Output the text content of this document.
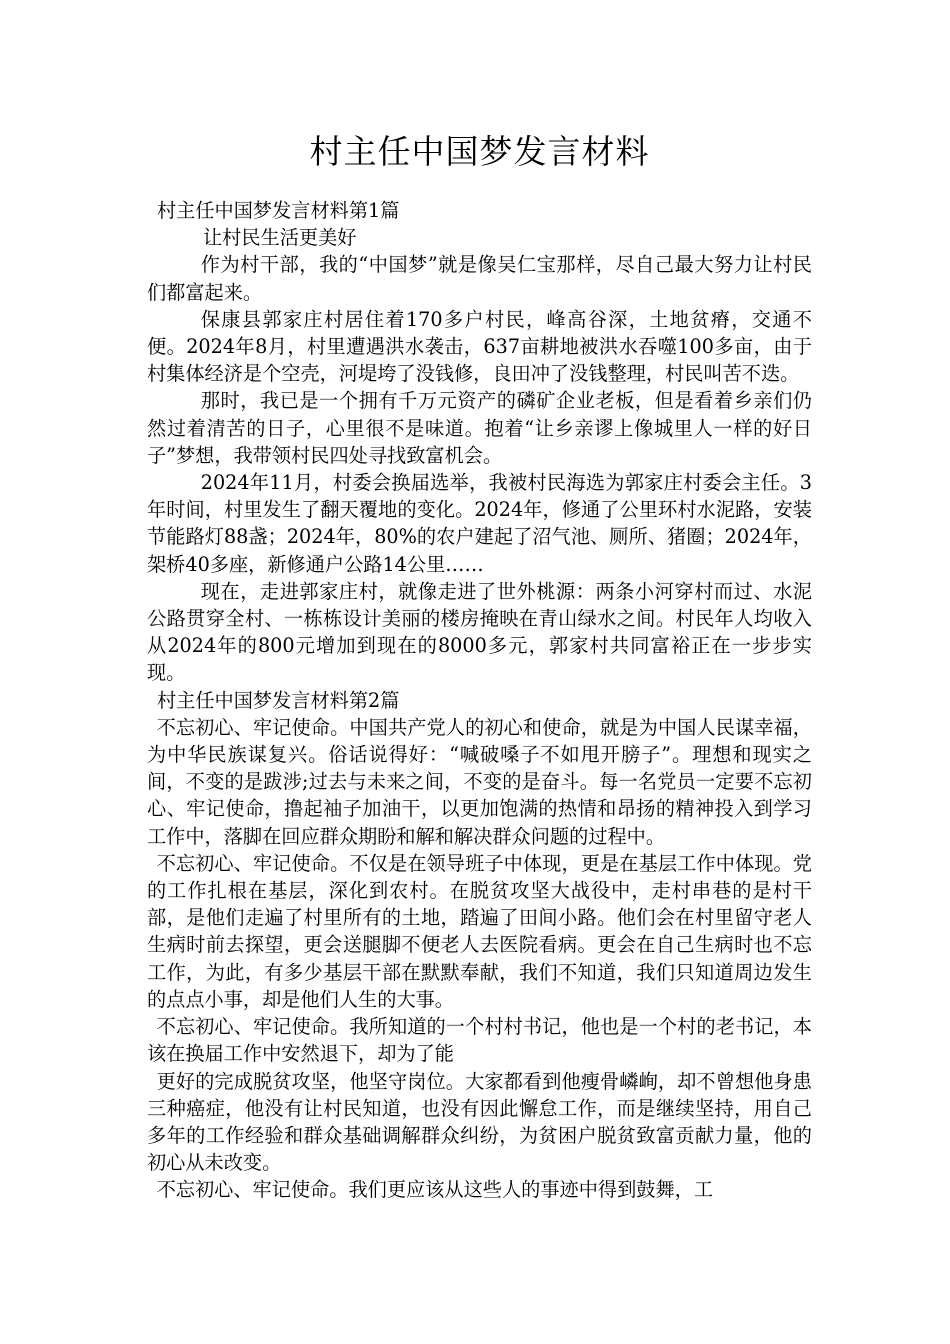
村主任中国梦发言材料

村主任中国梦发言材料第1篇

让村民生活更美好

作为村干部，我的“中国梦”就是像吴仁宝那样，尽自己最大努力让村民们都富起来。

保康县郭家庄村居住着170多户村民，峰高谷深，土地贫瘠，交通不便。2024年8月，村里遭遇洪水袭击，637亩耕地被洪水吞噬100多亩，由于村集体经济是个空壳，河堤垮了没钱修，良田冲了没钱整理，村民叫苦不迭。

那时，我已是一个拥有千万元资产的磷矿企业老板，但是看着乡亲们仍然过着清苦的日子，心里很不是味道。抱着“让乡亲谬上像城里人一样的好日子”梦想，我带领村民四处寻找致富机会。

2024年11月，村委会换届选举，我被村民海选为郭家庄村委会主任。3年时间，村里发生了翻天覆地的变化。2024年，修通了公里环村水泥路，安装节能路灯88盏；2024年，80%的农户建起了沼气池、厕所、猪圈；2024年，架桥40多座，新修通户公路14公里……

现在，走进郭家庄村，就像走进了世外桃源：两条小河穿村而过、水泥公路贯穿全村、一栋栋设计美丽的楼房掩映在青山绿水之间。村民年人均收入从2024年的800元增加到现在的8000多元，郭家村共同富裕正在一步步实现。

村主任中国梦发言材料第2篇

不忘初心、牢记使命。中国共产党人的初心和使命，就是为中国人民谋幸福，为中华民族谋复兴。俗话说得好：“喊破嗓子不如甩开膀子”。理想和现实之间，不变的是跋涉;过去与未来之间，不变的是奋斗。每一名党员一定要不忘初心、牢记使命，撸起袖子加油干，以更加饱满的热情和昂扬的精神投入到学习工作中，落脚在回应群众期盼和解和解决群众问题的过程中。

不忘初心、牢记使命。不仅是在领导班子中体现，更是在基层工作中体现。党的工作扎根在基层，深化到农村。在脱贫攻坚大战役中，走村串巷的是村干部，是他们走遍了村里所有的土地，踏遍了田间小路。他们会在村里留守老人生病时前去探望，更会送腿脚不便老人去医院看病。更会在自己生病时也不忘工作，为此，有多少基层干部在默默奉献，我们不知道，我们只知道周边发生的点点小事，却是他们人生的大事。

不忘初心、牢记使命。我所知道的一个村村书记，他也是一个村的老书记，本该在换届工作中安然退下，却为了能

更好的完成脱贫攻坚，他坚守岗位。大家都看到他瘦骨嶙峋，却不曾想他身患三种癌症，他没有让村民知道，也没有因此懈怠工作，而是继续坚持，用自己多年的工作经验和群众基础调解群众纠纷，为贫困户脱贫致富贡献力量，他的初心从未改变。

不忘初心、牢记使命。我们更应该从这些人的事迹中得到鼓舞，工
